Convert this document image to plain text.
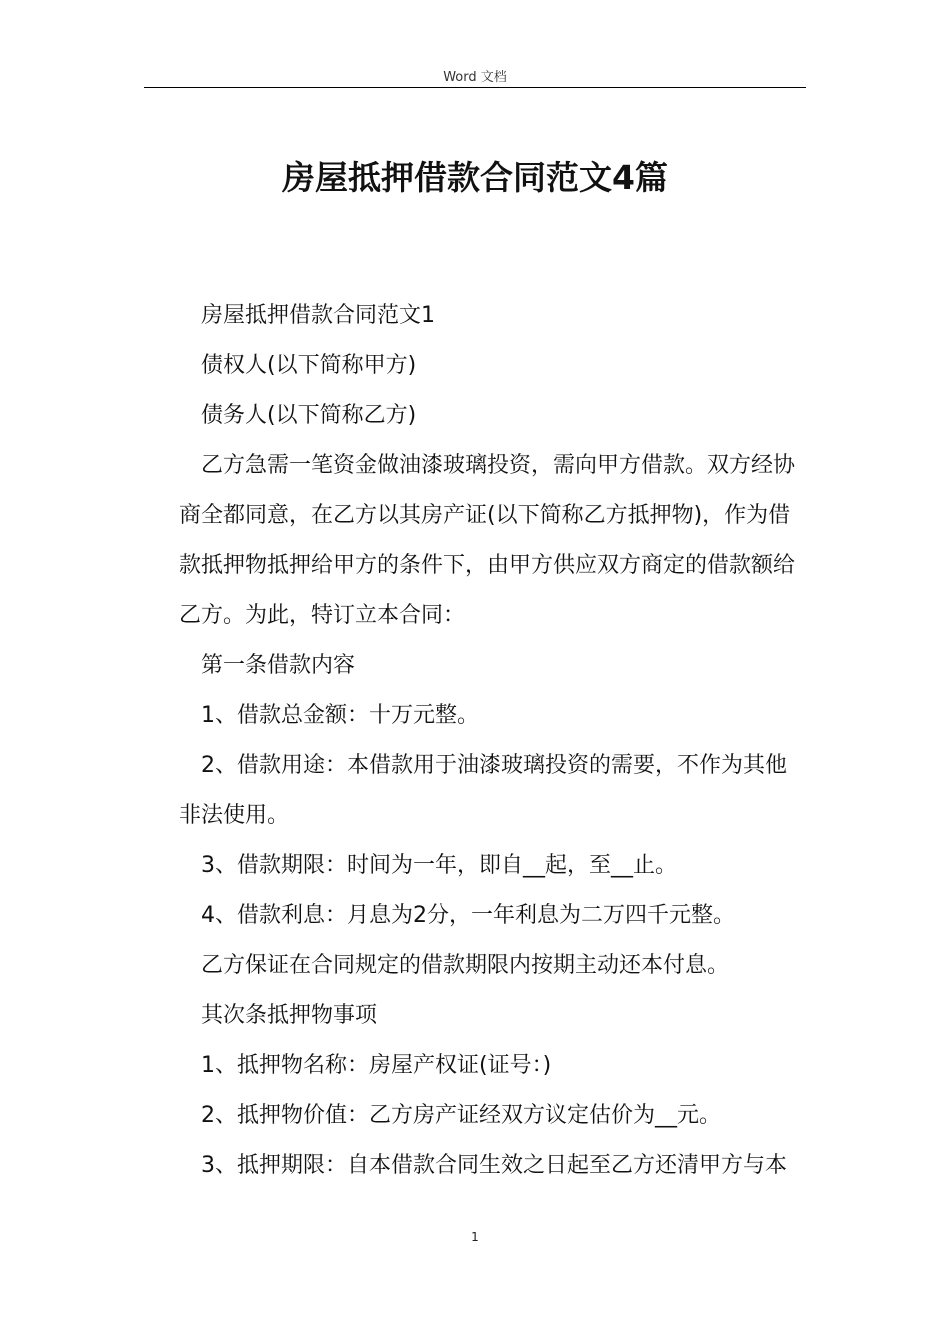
Word 文档
房屋抵押借款合同范文4篇

房屋抵押借款合同范文1

债权人(以下简称甲方)

债务人(以下简称乙方)

乙方急需一笔资金做油漆玻璃投资，需向甲方借款。双方经协商全都同意，在乙方以其房产证(以下简称乙方抵押物)，作为借款抵押物抵押给甲方的条件下，由甲方供应双方商定的借款额给乙方。为此，特订立本合同：

第一条借款内容

1、借款总金额：十万元整。

2、借款用途：本借款用于油漆玻璃投资的需要，不作为其他非法使用。

3、借款期限：时间为一年，即自__起，至__止。

4、借款利息：月息为2分，一年利息为二万四千元整。

乙方保证在合同规定的借款期限内按期主动还本付息。

其次条抵押物事项

1、抵押物名称：房屋产权证(证号：)

2、抵押物价值：乙方房产证经双方议定估价为__元。

3、抵押期限：自本借款合同生效之日起至乙方还清甲方与本

1
